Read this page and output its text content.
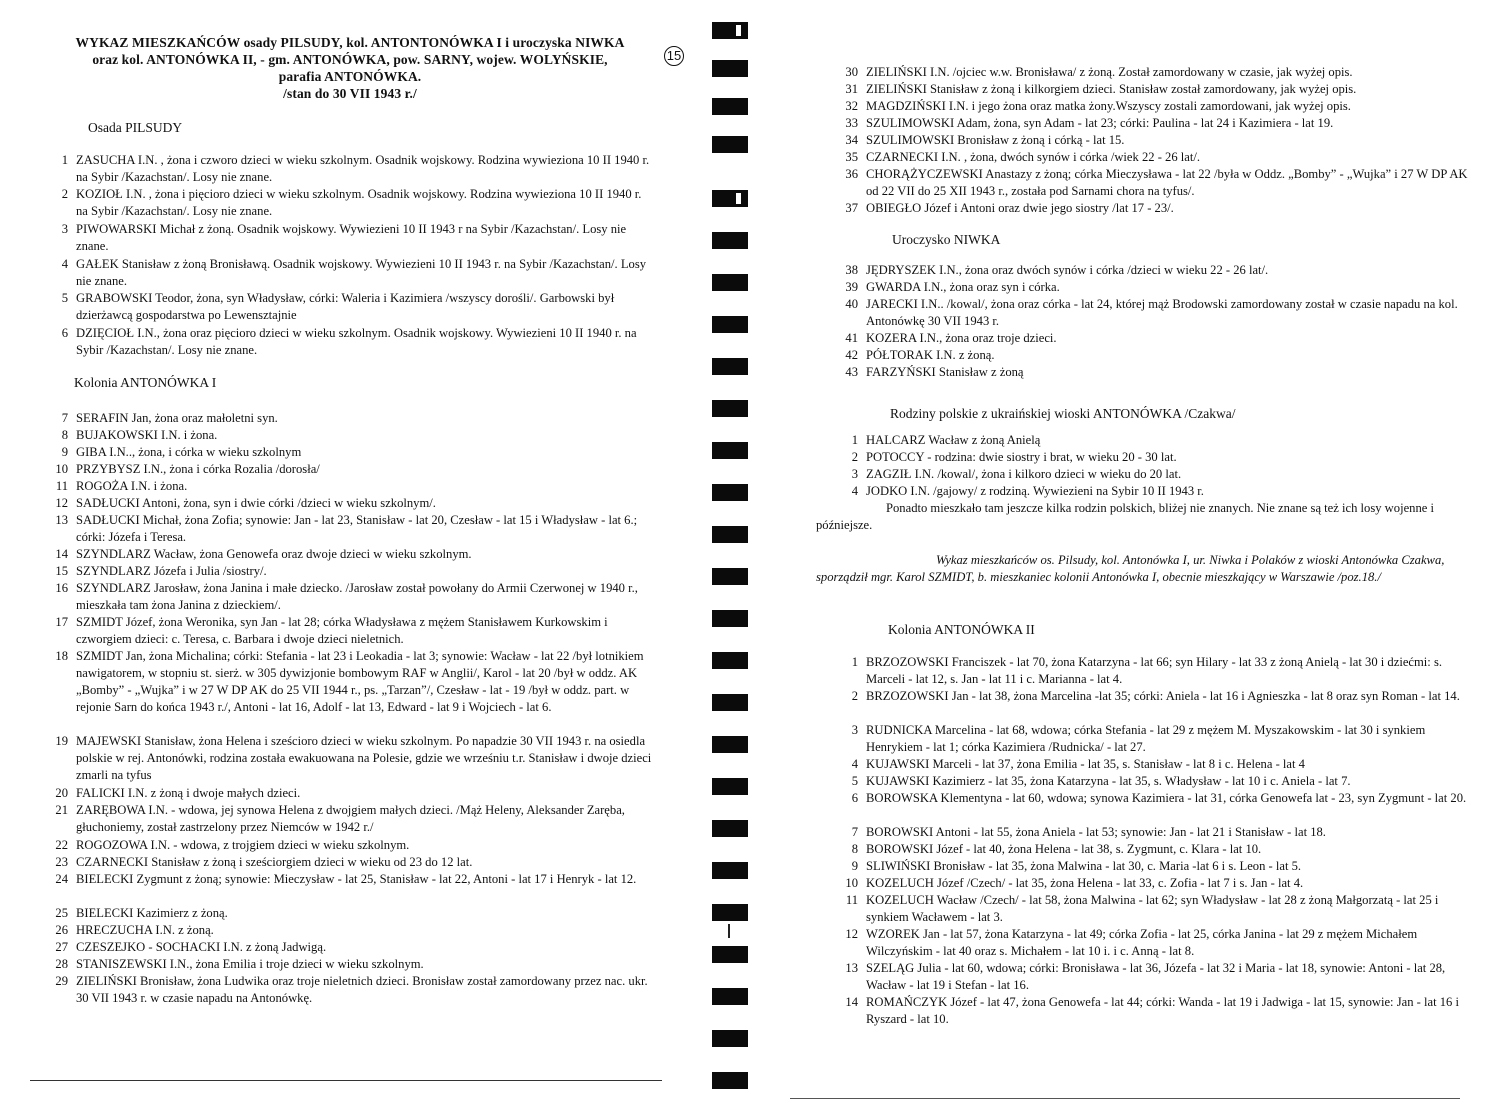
WYKAZ MIESZKAŃCÓW osady PILSUDY, kol. ANTONTONÓWKA I i uroczyska NIWKA
oraz kol. ANTONÓWKA II, - gm. ANTONÓWKA, pow. SARNY, wojew. WOLYŃSKIE,
parafia ANTONÓWKA.
/stan do 30 VII 1943 r./
15
Osada PILSUDY
1 ZASUCHA I.N. , żona i czworo dzieci w wieku szkolnym. Osadnik wojskowy. Rodzina wywieziona 10 II 1940 r. na Sybir /Kazachstan/. Losy nie znane.
2 KOZIOŁ I.N. , żona i pięcioro dzieci w wieku szkolnym. Osadnik wojskowy. Rodzina wywieziona 10 II 1940 r. na Sybir /Kazachstan/. Losy nie znane.
3 PIWOWARSKI Michał z żoną. Osadnik wojskowy. Wywiezieni 10 II 1943 r na Sybir /Kazachstan/. Losy nie znane.
4 GAŁEK Stanisław z żoną Bronisławą. Osadnik wojskowy. Wywiezieni 10 II 1943 r. na Sybir /Kazachstan/. Losy nie znane.
5 GRABOWSKI Teodor, żona, syn Władysław, córki: Waleria i Kazimiera /wszyscy dorośli/. Garbowski był dzierżawcą gospodarstwa po Lewensztajnie
6 DZIĘCIOŁ I.N., żona oraz pięcioro dzieci w wieku szkolnym. Osadnik wojskowy. Wywiezieni 10 II 1940 r. na Sybir /Kazachstan/. Losy nie znane.
Kolonia ANTONÓWKA I
7 SERAFIN Jan, żona oraz małoletni syn.
8 BUJAKOWSKI I.N. i żona.
9 GIBA I.N.., żona, i córka w wieku szkolnym
10 PRZYBYSZ I.N., żona i córka Rozalia /dorosła/
11 ROGOŻA I.N. i żona.
12 SADŁUCKI Antoni, żona, syn i dwie córki /dzieci w wieku szkolnym/.
13 SADŁUCKI Michał, żona Zofia; synowie: Jan - lat 23, Stanisław - lat 20, Czesław - lat 15 i Władysław - lat 6.; córki: Józefa i Teresa.
14 SZYNDLARZ Wacław, żona Genowefa oraz dwoje dzieci w wieku szkolnym.
15 SZYNDLARZ Józefa i Julia /siostry/.
16 SZYNDLARZ Jarosław, żona Janina i małe dziecko. /Jarosław został powołany do Armii Czerwonej w 1940 r., mieszkała tam żona Janina z dzieckiem/.
17 SZMIDT Józef, żona Weronika, syn Jan - lat 28; córka Władysława z mężem Stanisławem Kurkowskim i czworgiem dzieci: c. Teresa, c. Barbara i dwoje dzieci nieletnich.
18 SZMIDT Jan, żona Michalina; córki: Stefania - lat 23 i Leokadia - lat 3; synowie: Wacław - lat 22 /był lotnikiem nawigatorem, w stopniu st. sierż. w 305 dywizjonie bombowym RAF w Anglii/, Karol - lat 20 /był w oddz. AK „Bomby” - „Wujka” i w 27 W DP AK do 25 VII 1944 r., ps. „Tarzan”/, Czesław - lat - 19 /był w oddz. part. w rejonie Sarn do końca 1943 r./, Antoni - lat 16, Adolf - lat 13, Edward - lat 9 i Wojciech - lat 6.
19 MAJEWSKI Stanisław, żona Helena i sześcioro dzieci w wieku szkolnym. Po napadzie 30 VII 1943 r. na osiedla polskie w rej. Antonówki, rodzina została ewakuowana na Polesie, gdzie we wrześniu t.r. Stanisław i dwoje dzieci zmarli na tyfus
20 FALICKI I.N. z żoną i dwoje małych dzieci.
21 ZARĘBOWA I.N. - wdowa, jej synowa Helena z dwojgiem małych dzieci. /Mąż Heleny, Aleksander Zaręba, głuchoniemy, został zastrzelony przez Niemców w 1942 r./
22 ROGOZOWA I.N. - wdowa, z trojgiem dzieci w wieku szkolnym.
23 CZARNECKI Stanisław z żoną i sześciorgiem dzieci w wieku od 23 do 12 lat.
24 BIELECKI Zygmunt z żoną; synowie: Mieczysław - lat 25, Stanisław - lat 22, Antoni - lat 17 i Henryk - lat 12.
25 BIELECKI Kazimierz z żoną.
26 HRECZUCHA I.N. z żoną.
27 CZESZEJKO - SOCHACKI I.N. z żoną Jadwigą.
28 STANISZEWSKI I.N., żona Emilia i troje dzieci w wieku szkolnym.
29 ZIELIŃSKI Bronisław, żona Ludwika oraz troje nieletnich dzieci. Bronisław został zamordowany przez nac. ukr. 30 VII 1943 r. w czasie napadu na Antonówkę.
30 ZIELIŃSKI I.N. /ojciec w.w. Bronisława/ z żoną. Został zamordowany w czasie, jak wyżej opis.
31 ZIELIŃSKI Stanisław z żoną i kilkorgiem dzieci. Stanisław został zamordowany, jak wyżej opis.
32 MAGDZIŃSKI I.N. i jego żona oraz matka żony.Wszyscy zostali zamordowani, jak wyżej opis.
33 SZULIMOWSKI Adam, żona, syn Adam - lat 23; córki: Paulina - lat 24 i Kazimiera - lat 19.
34 SZULIMOWSKI Bronisław z żoną i córką - lat 15.
35 CZARNECKI I.N. , żona, dwóch synów i córka /wiek 22 - 26 lat/.
36 CHORĄŻYCZEWSKI Anastazy z żoną; córka Mieczysława - lat 22 /była w Oddz. „Bomby” - „Wujka” i 27 W DP AK od 22 VII do 25 XII 1943 r., została pod Sarnami chora na tyfus/.
37 OBIEGŁO Józef i Antoni oraz dwie jego siostry /lat 17 - 23/.
Uroczysko NIWKA
38 JĘDRYSZEK I.N., żona oraz dwóch synów i córka /dzieci w wieku 22 - 26 lat/.
39 GWARDA I.N., żona oraz syn i córka.
40 JARECKI I.N.. /kowal/, żona oraz córka - lat 24, której mąż Brodowski zamordowany został w czasie napadu na kol. Antonówkę 30 VII 1943 r.
41 KOZERA I.N., żona oraz troje dzieci.
42 PÓŁTORAK I.N. z żoną.
43 FARZYŃSKI Stanisław z żoną
Rodziny polskie z ukraińskiej wioski ANTONÓWKA /Czakwa/
1 HALCARZ Wacław z żoną Anielą
2 POTOCCY - rodzina: dwie siostry i brat, w wieku 20 - 30 lat.
3 ZAGZIŁ I.N. /kowal/, żona i kilkoro dzieci w wieku do 20 lat.
4 JODKO I.N. /gajowy/ z rodziną. Wywiezieni na Sybir 10 II 1943 r.
Ponadto mieszkało tam jeszcze kilka rodzin polskich, bliżej nie znanych. Nie znane są też ich losy wojenne i późniejsze.
Wykaz mieszkańców os. Pilsudy, kol. Antonówka I, ur. Niwka i Polaków z wioski Antonówka Czakwa, sporządził mgr. Karol SZMIDT, b. mieszkaniec kolonii Antonówka I, obecnie mieszkający w Warszawie /poz.18./
Kolonia ANTONÓWKA II
1 BRZOZOWSKI Franciszek - lat 70, żona Katarzyna - lat 66; syn Hilary - lat 33 z żoną Anielą - lat 30 i dziećmi: s. Marceli - lat 12, s. Jan - lat 11 i c. Marianna - lat 4.
2 BRZOZOWSKI Jan - lat 38, żona Marcelina -lat 35; córki: Aniela - lat 16 i Agnieszka - lat 8 oraz syn Roman - lat 14.
3 RUDNICKA Marcelina - lat 68, wdowa; córka Stefania - lat 29 z mężem M. Myszakowskim - lat 30 i synkiem Henrykiem - lat 1; córka Kazimiera /Rudnicka/ - lat 27.
4 KUJAWSKI Marceli - lat 37, żona Emilia - lat 35, s. Stanisław - lat 8 i c. Helena - lat 4
5 KUJAWSKI Kazimierz - lat 35, żona Katarzyna - lat 35, s. Władysław - lat 10 i c. Aniela - lat 7.
6 BOROWSKA Klementyna - lat 60, wdowa; synowa Kazimiera - lat 31, córka Genowefa lat - 23, syn Zygmunt - lat 20.
7 BOROWSKI Antoni - lat 55, żona Aniela - lat 53; synowie: Jan - lat 21 i Stanisław - lat 18.
8 BOROWSKI Józef - lat 40, żona Helena - lat 38, s. Zygmunt, c. Klara - lat 10.
9 SLIWIŃSKI Bronisław - lat 35, żona Malwina - lat 30, c. Maria -lat 6 i s. Leon - lat 5.
10 KOZELUCH Józef /Czech/ - lat 35, żona Helena - lat 33, c. Zofia - lat 7 i s. Jan - lat 4.
11 KOZELUCH Wacław /Czech/ - lat 58, żona Malwina - lat 62; syn Władysław - lat 28 z żoną Małgorzatą - lat 25 i synkiem Wacławem - lat 3.
12 WZOREK Jan - lat 57, żona Katarzyna - lat 49; córka Zofia - lat 25, córka Janina - lat 29 z mężem Michałem Wilczyńskim - lat 40 oraz s. Michałem - lat 10 i. i c. Anną - lat 8.
13 SZELĄG Julia - lat 60, wdowa; córki: Bronisława - lat 36, Józefa - lat 32 i Maria - lat 18, synowie: Antoni - lat 28, Wacław - lat 19 i Stefan - lat 16.
14 ROMAŃCZYK Józef - lat 47, żona Genowefa - lat 44; córki: Wanda - lat 19 i Jadwiga - lat 15, synowie: Jan - lat 16 i Ryszard - lat 10.
